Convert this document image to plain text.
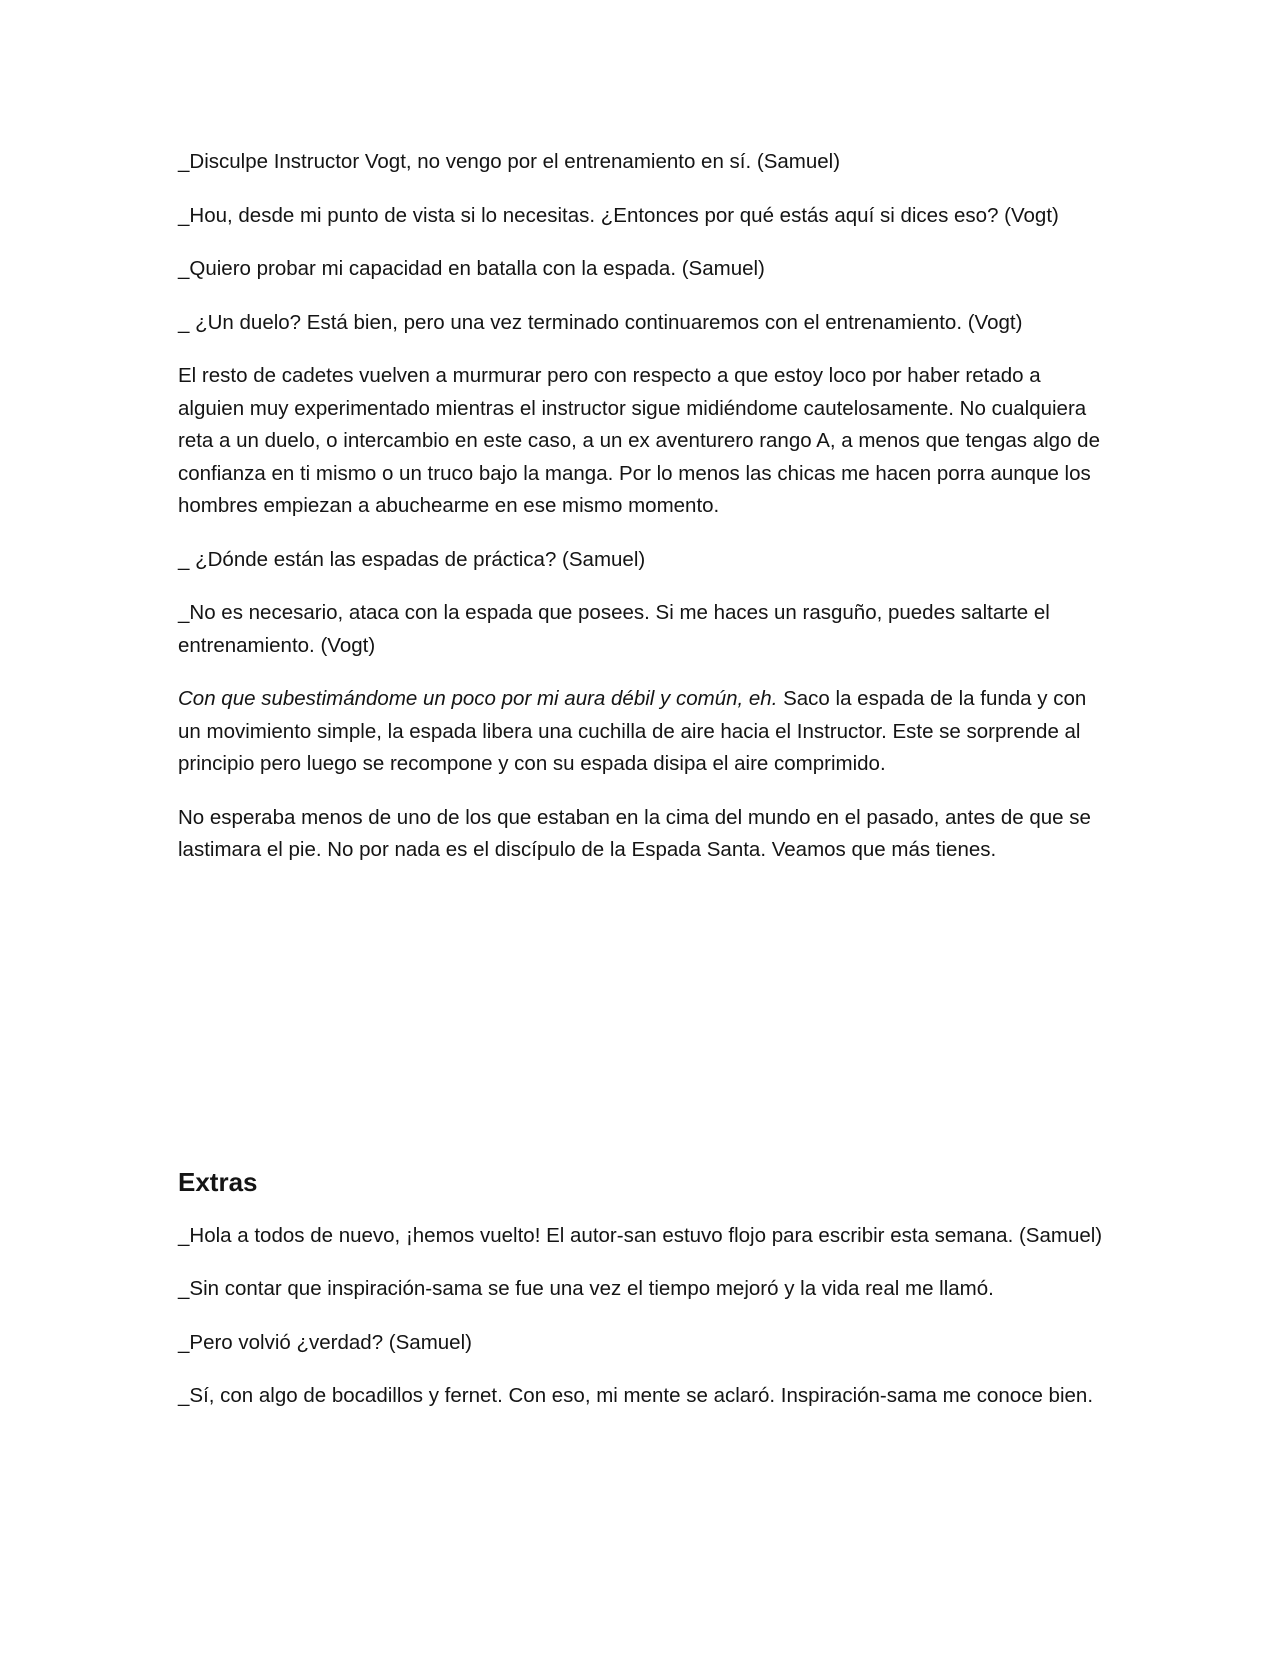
_Disculpe Instructor Vogt, no vengo por el entrenamiento en sí. (Samuel)

_Hou, desde mi punto de vista si lo necesitas. ¿Entonces por qué estás aquí si dices eso? (Vogt)

_Quiero probar mi capacidad en batalla con la espada. (Samuel)

_ ¿Un duelo? Está bien, pero una vez terminado continuaremos con el entrenamiento. (Vogt)

El resto de cadetes vuelven a murmurar pero con respecto a que estoy loco por haber retado a alguien muy experimentado mientras el instructor sigue midiéndome cautelosamente. No cualquiera reta a un duelo, o intercambio en este caso, a un ex aventurero rango A, a menos que tengas algo de confianza en ti mismo o un truco bajo la manga. Por lo menos las chicas me hacen porra aunque los hombres empiezan a abuchearme en ese mismo momento.

_ ¿Dónde están las espadas de práctica? (Samuel)

_No es necesario, ataca con la espada que posees. Si me haces un rasguño, puedes saltarte el entrenamiento. (Vogt)

Con que subestimándome un poco por mi aura débil y común, eh. Saco la espada de la funda y con un movimiento simple, la espada libera una cuchilla de aire hacia el Instructor. Este se sorprende al principio pero luego se recompone y con su espada disipa el aire comprimido.

No esperaba menos de uno de los que estaban en la cima del mundo en el pasado, antes de que se lastimara el pie. No por nada es el discípulo de la Espada Santa. Veamos que más tienes.

Extras

_Hola a todos de nuevo, ¡hemos vuelto! El autor-san estuvo flojo para escribir esta semana. (Samuel)

_Sin contar que inspiración-sama se fue una vez el tiempo mejoró y la vida real me llamó.

_Pero volvió ¿verdad? (Samuel)

_Sí, con algo de bocadillos y fernet. Con eso, mi mente se aclaró. Inspiración-sama me conoce bien.
